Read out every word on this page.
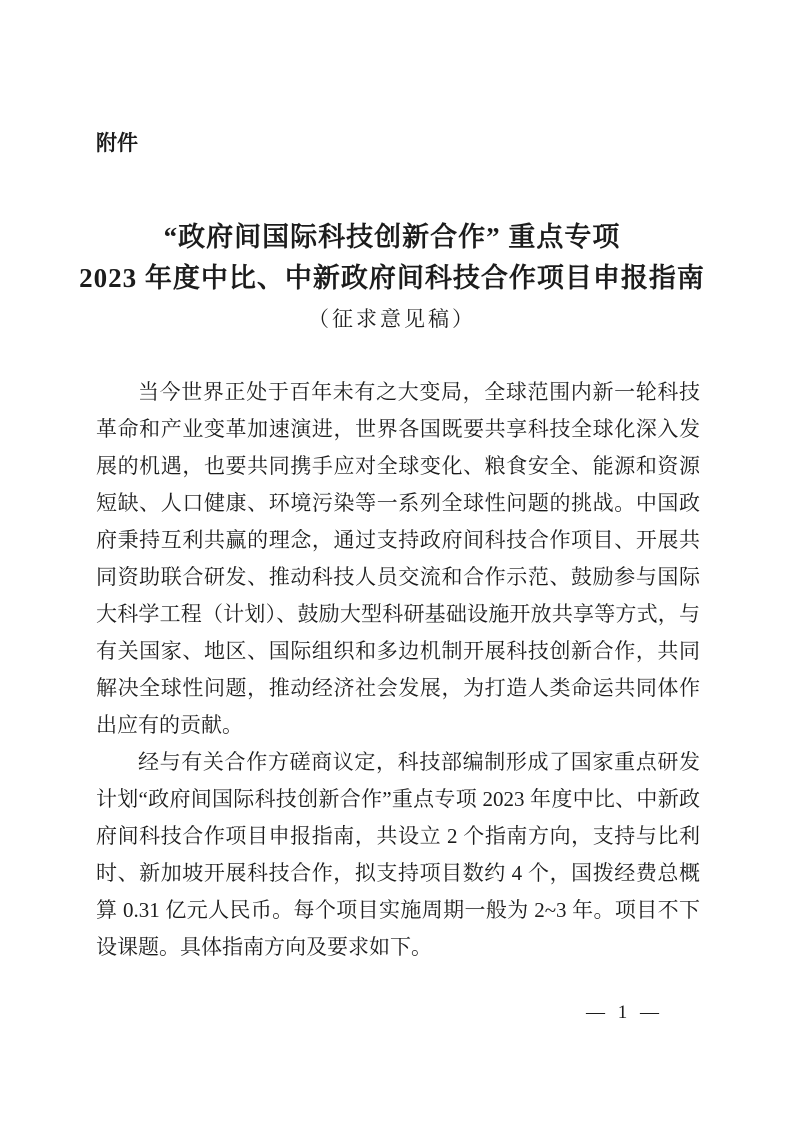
附件
“政府间国际科技创新合作” 重点专项
2023 年度中比、中新政府间科技合作项目申报指南
（征求意见稿）

当今世界正处于百年未有之大变局，全球范围内新一轮科技革命和产业变革加速演进，世界各国既要共享科技全球化深入发展的机遇，也要共同携手应对全球变化、粮食安全、能源和资源短缺、人口健康、环境污染等一系列全球性问题的挑战。中国政府秉持互利共赢的理念，通过支持政府间科技合作项目、开展共同资助联合研发、推动科技人员交流和合作示范、鼓励参与国际大科学工程（计划）、鼓励大型科研基础设施开放共享等方式，与有关国家、地区、国际组织和多边机制开展科技创新合作，共同解决全球性问题，推动经济社会发展，为打造人类命运共同体作出应有的贡献。

经与有关合作方磋商议定，科技部编制形成了国家重点研发计划“政府间国际科技创新合作”重点专项 2023 年度中比、中新政府间科技合作项目申报指南，共设立 2 个指南方向，支持与比利时、新加坡开展科技合作，拟支持项目数约 4 个，国拨经费总概算 0.31 亿元人民币。每个项目实施周期一般为 2~3 年。项目不下设课题。具体指南方向及要求如下。

— 1 —
